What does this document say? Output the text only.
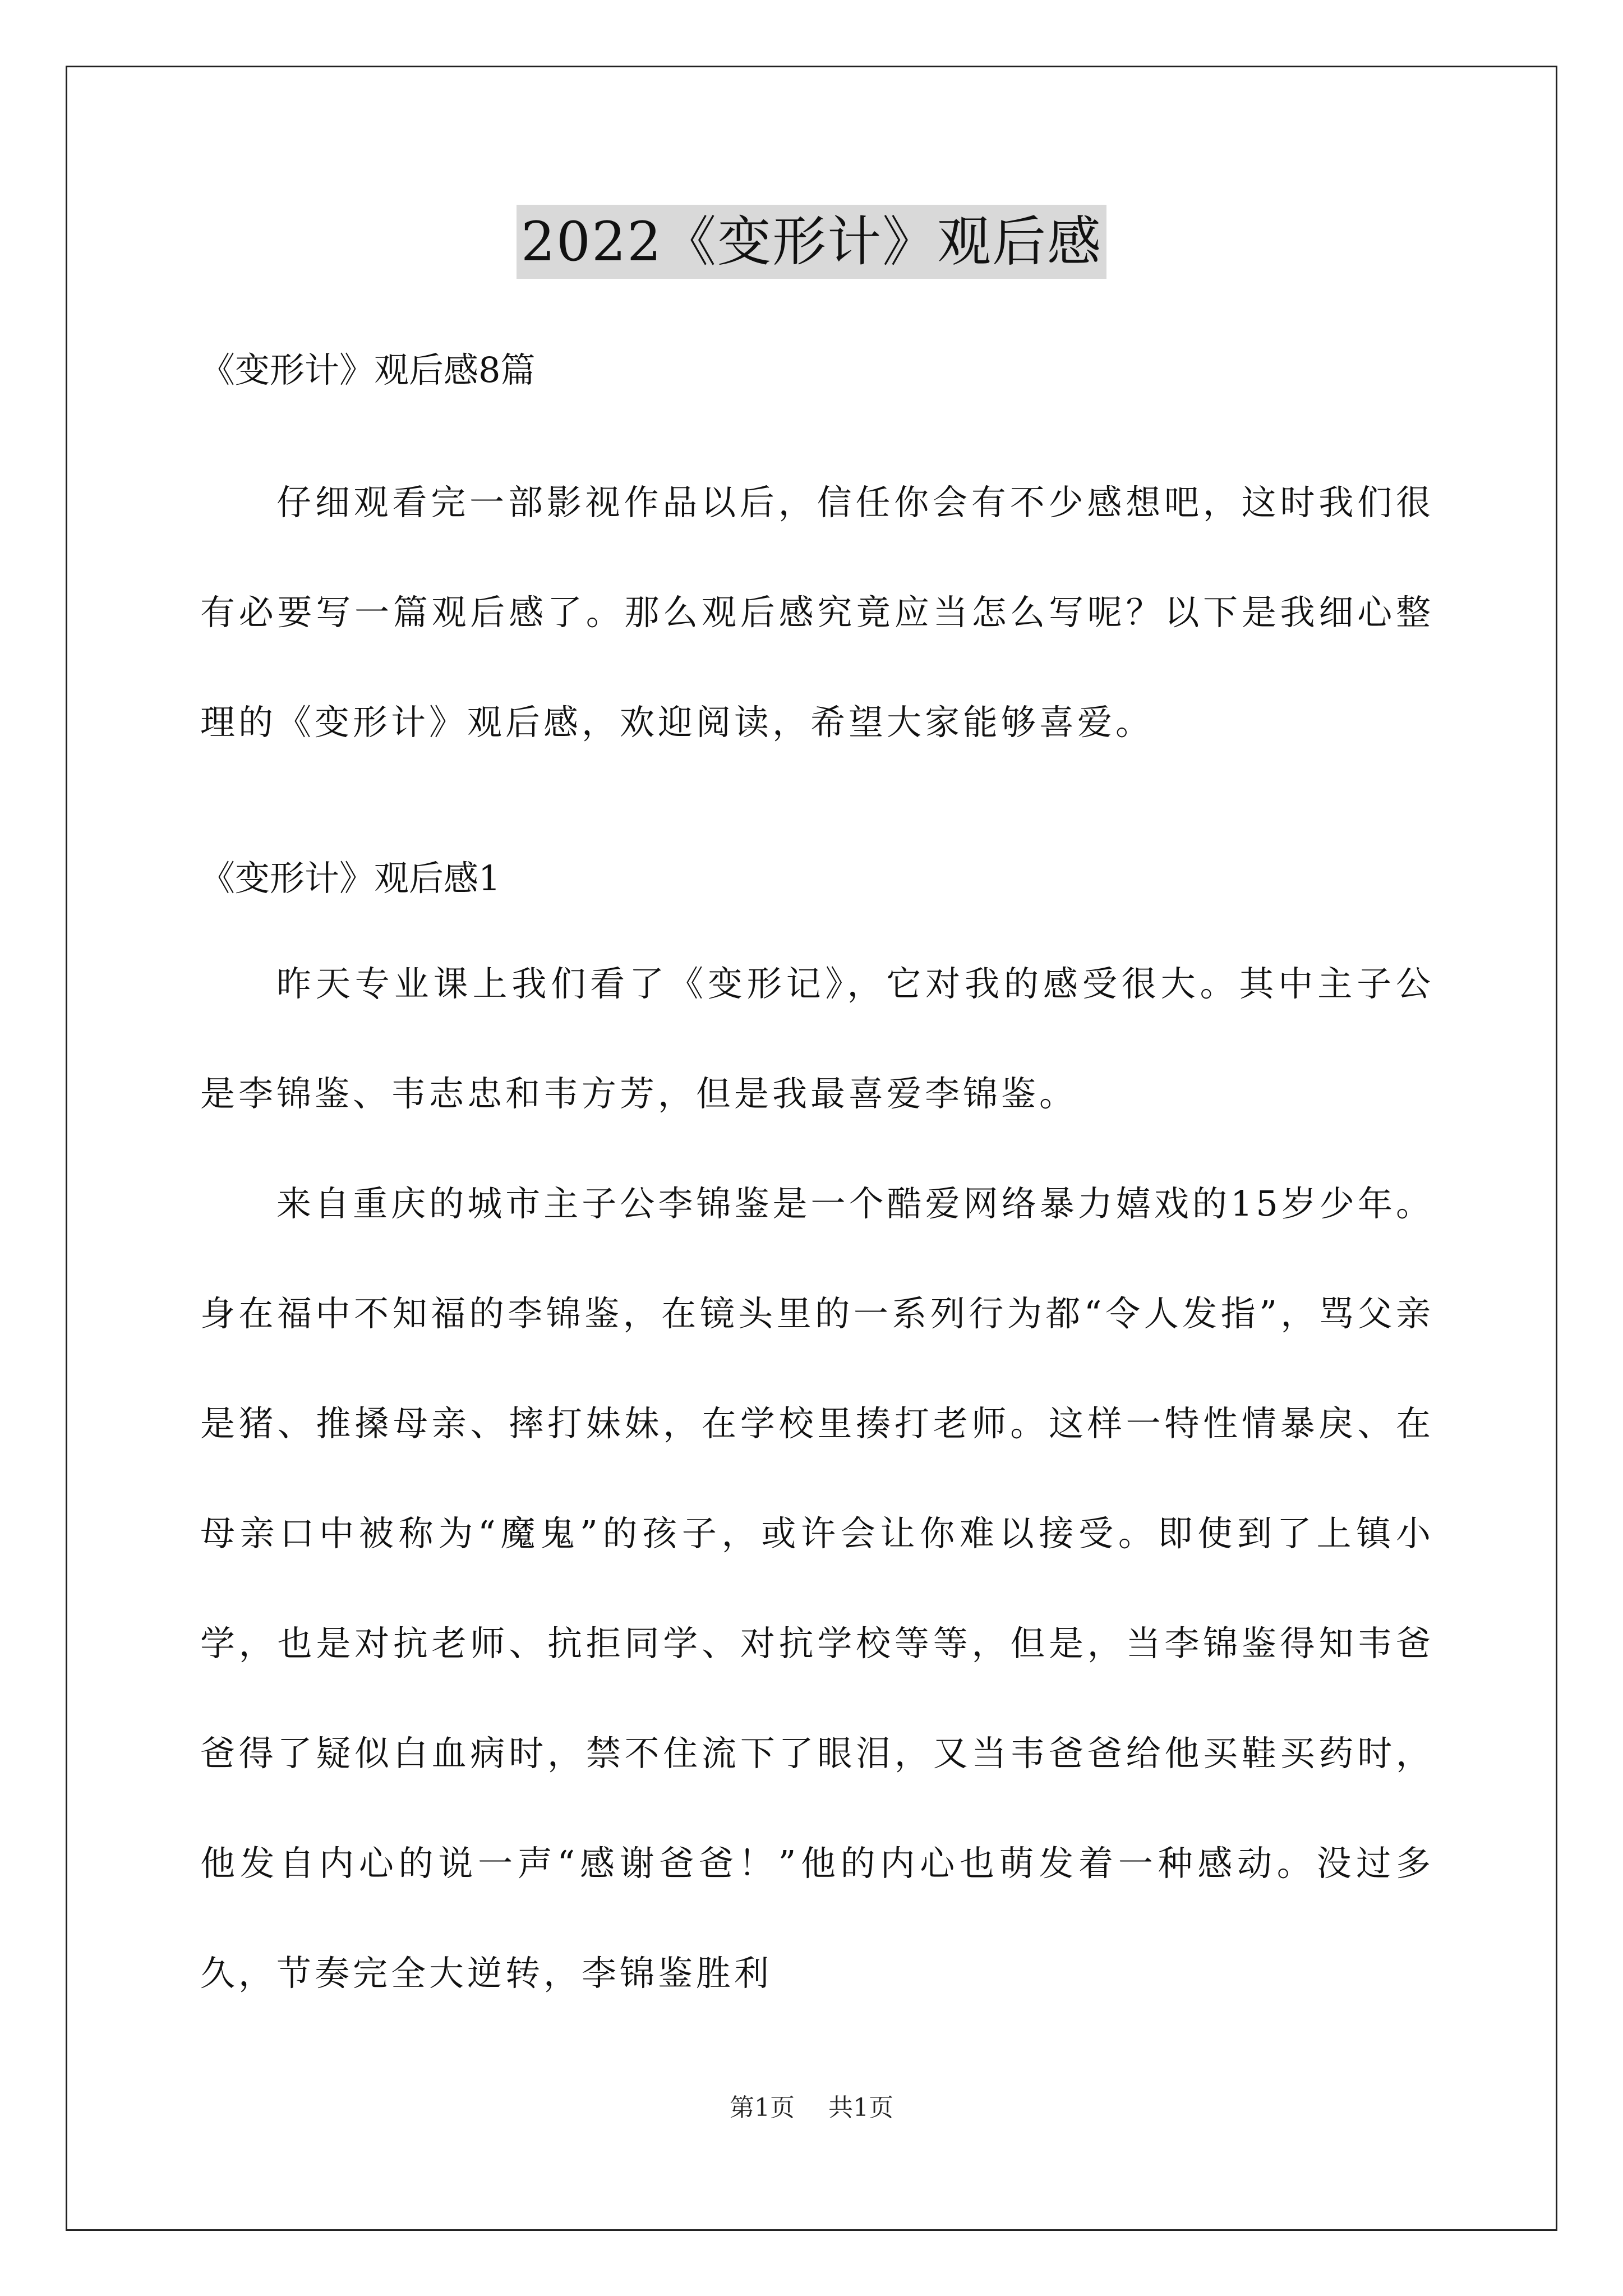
2022《变形计》观后感
《变形计》观后感8篇

仔细观看完一部影视作品以后，信任你会有不少感想吧，这时我们很有必要写一篇观后感了。那么观后感究竟应当怎么写呢？以下是我细心整理的《变形计》观后感，欢迎阅读，希望大家能够喜爱。

《变形计》观后感1

昨天专业课上我们看了《变形记》，它对我的感受很大。其中主子公是李锦鉴、韦志忠和韦方芳，但是我最喜爱李锦鉴。

来自重庆的城市主子公李锦鉴是一个酷爱网络暴力嬉戏的15岁少年。身在福中不知福的李锦鉴，在镜头里的一系列行为都“令人发指”，骂父亲是猪、推搡母亲、摔打妹妹，在学校里揍打老师。这样一特性情暴戾、在母亲口中被称为“魔鬼”的孩子，或许会让你难以接受。即使到了上镇小学，也是对抗老师、抗拒同学、对抗学校等等，但是，当李锦鉴得知韦爸爸得了疑似白血病时，禁不住流下了眼泪，又当韦爸爸给他买鞋买药时，他发自内心的说一声“感谢爸爸！”他的内心也萌发着一种感动。没过多久，节奏完全大逆转，李锦鉴胜利

第1页 共1页
